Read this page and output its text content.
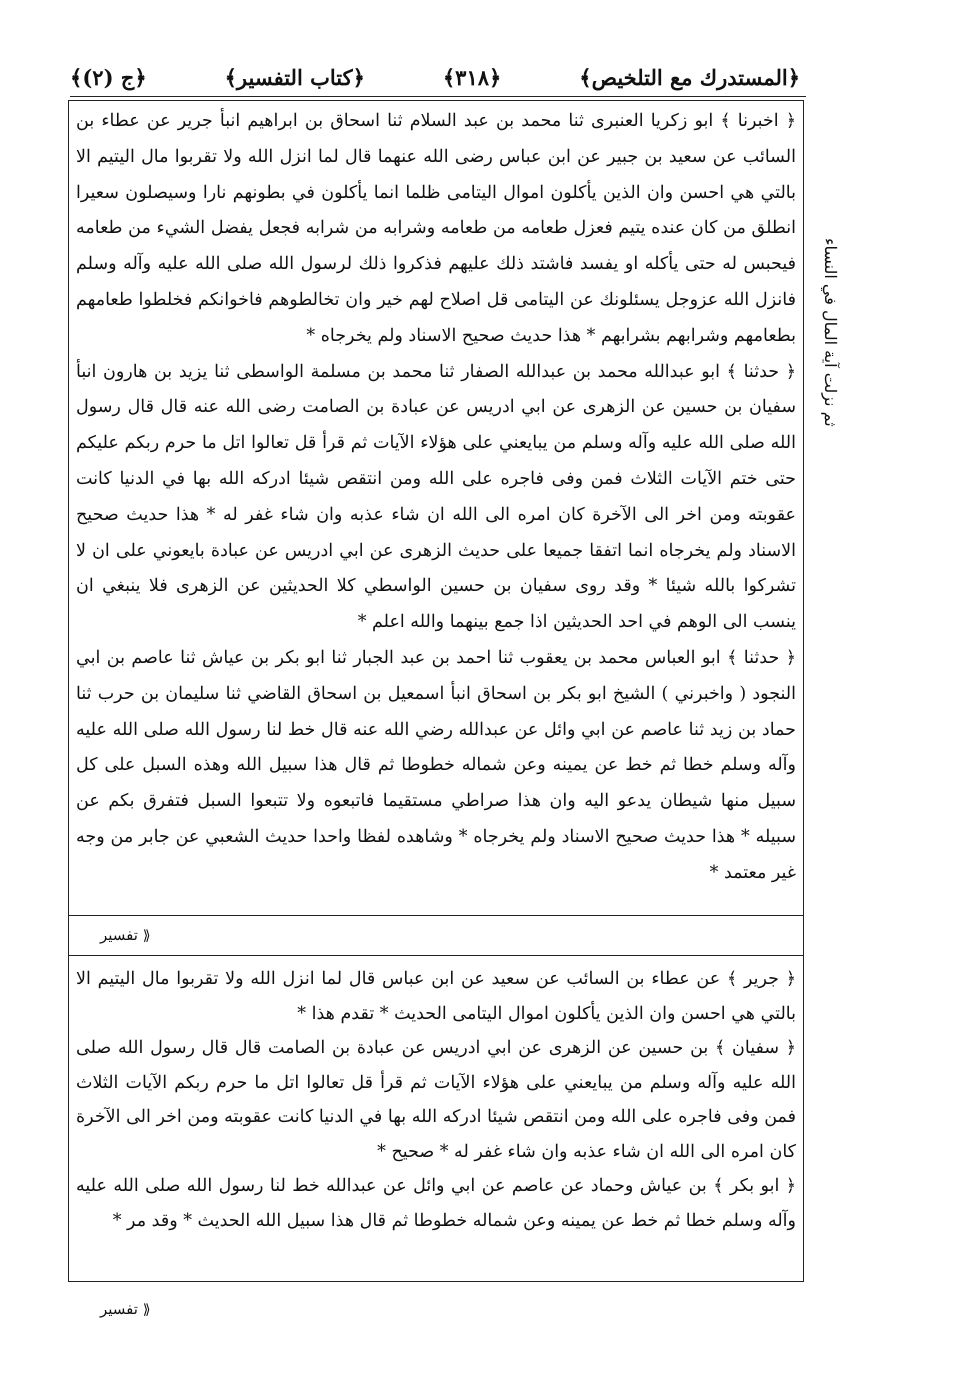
﴿المستدرك مع التلخيص﴾
﴿٣١٨﴾
﴿كتاب التفسير﴾
﴿ج (٢)﴾
ثم نزلت آية المال في النساء

﴿ اخبرنا ﴾ ابو زكريا العنبرى ثنا محمد بن عبد السلام ثنا اسحاق بن ابراهيم انبأ جرير عن عطاء بن السائب عن سعيد بن جبير عن ابن عباس رضى الله عنهما قال لما انزل الله ولا تقربوا مال اليتيم الا بالتي هي احسن وان الذين يأكلون اموال اليتامى ظلما انما يأكلون في بطونهم نارا وسيصلون سعيرا انطلق من كان عنده يتيم فعزل طعامه من طعامه وشرابه من شرابه فجعل يفضل الشيء من طعامه فيحبس له حتى يأكله او يفسد فاشتد ذلك عليهم فذكروا ذلك لرسول الله صلى الله عليه وآله وسلم فانزل الله عزوجل يسئلونك عن اليتامى قل اصلاح لهم خير وان تخالطوهم فاخوانكم فخلطوا طعامهم بطعامهم وشرابهم بشرابهم * هذا حديث صحيح الاسناد ولم يخرجاه *

﴿ حدثنا ﴾ ابو عبدالله محمد بن عبدالله الصفار ثنا محمد بن مسلمة الواسطى ثنا يزيد بن هارون انبأ سفيان بن حسين عن الزهرى عن ابي ادريس عن عبادة بن الصامت رضى الله عنه قال قال رسول الله صلى الله عليه وآله وسلم من يبايعني على هؤلاء الآيات ثم قرأ قل تعالوا اتل ما حرم ربكم عليكم حتى ختم الآيات الثلاث فمن وفى فاجره على الله ومن انتقص شيئا ادركه الله بها في الدنيا كانت عقوبته ومن اخر الى الآخرة كان امره الى الله ان شاء عذبه وان شاء غفر له * هذا حديث صحيح الاسناد ولم يخرجاه انما اتفقا جميعا على حديث الزهرى عن ابي ادريس عن عبادة بايعوني على ان لا تشركوا بالله شيئا * وقد روى سفيان بن حسين الواسطي كلا الحديثين عن الزهرى فلا ينبغي ان ينسب الى الوهم في احد الحديثين اذا جمع بينهما والله اعلم *

﴿ حدثنا ﴾ ابو العباس محمد بن يعقوب ثنا احمد بن عبد الجبار ثنا ابو بكر بن عياش ثنا عاصم بن ابي النجود ( واخبرني ) الشيخ ابو بكر بن اسحاق انبأ اسمعيل بن اسحاق القاضي ثنا سليمان بن حرب ثنا حماد بن زيد ثنا عاصم عن ابي وائل عن عبدالله رضي الله عنه قال خط لنا رسول الله صلى الله عليه وآله وسلم خطا ثم خط عن يمينه وعن شماله خطوطا ثم قال هذا سبيل الله وهذه السبل على كل سبيل منها شيطان يدعو اليه وان هذا صراطي مستقيما فاتبعوه ولا تتبعوا السبل فتفرق بكم عن سبيله * هذا حديث صحيح الاسناد ولم يخرجاه * وشاهده لفظا واحدا حديث الشعبي عن جابر من وجه غير معتمد *

⟪ تفسير

﴿ جرير ﴾ عن عطاء بن السائب عن سعيد عن ابن عباس قال لما انزل الله ولا تقربوا مال اليتيم الا بالتي هي احسن وان الذين يأكلون اموال اليتامى الحديث * تقدم هذا *

﴿ سفيان ﴾ بن حسين عن الزهرى عن ابي ادريس عن عبادة بن الصامت قال قال رسول الله صلى الله عليه وآله وسلم من يبايعني على هؤلاء الآيات ثم قرأ قل تعالوا اتل ما حرم ربكم الآيات الثلاث فمن وفى فاجره على الله ومن انتقص شيئا ادركه الله بها في الدنيا كانت عقوبته ومن اخر الى الآخرة كان امره الى الله ان شاء عذبه وان شاء غفر له * صحيح *

﴿ ابو بكر ﴾ بن عياش وحماد عن عاصم عن ابي وائل عن عبدالله خط لنا رسول الله صلى الله عليه وآله وسلم خطا ثم خط عن يمينه وعن شماله خطوطا ثم قال هذا سبيل الله الحديث * وقد مر *

⟪ تفسير
